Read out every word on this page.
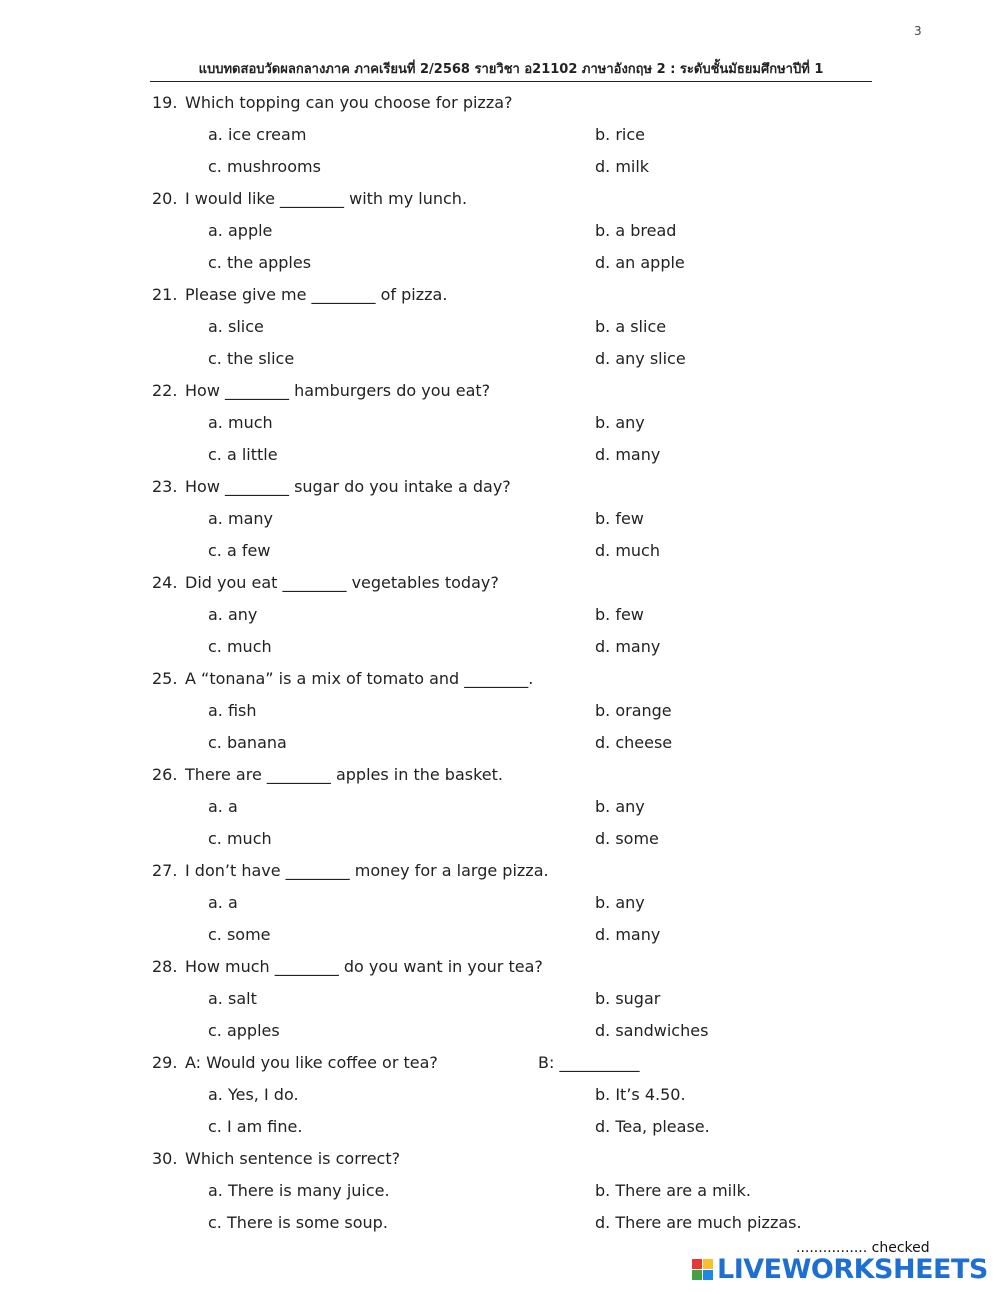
3
แบบทดสอบวัดผลกลางภาค ภาคเรียนที่ 2/2568 รายวิชา อ21102 ภาษาอังกฤษ 2 : ระดับชั้นมัธยมศึกษาปีที่ 1
19. Which topping can you choose for pizza?
a. ice cream	b. rice
c. mushrooms	d. milk
20. I would like ________ with my lunch.
a. apple	b. a bread
c. the apples	d. an apple
21. Please give me ________ of pizza.
a. slice	b. a slice
c. the slice	d. any slice
22. How ________ hamburgers do you eat?
a. much	b. any
c. a little	d. many
23. How ________ sugar do you intake a day?
a. many	b. few
c. a few	d. much
24. Did you eat ________ vegetables today?
a. any	b. few
c. much	d. many
25. A “tonana” is a mix of tomato and ________.
a. fish	b. orange
c. banana	d. cheese
26. There are ________ apples in the basket.
a. a	b. any
c. much	d. some
27. I don’t have ________ money for a large pizza.
a. a	b. any
c. some	d. many
28. How much ________ do you want in your tea?
a. salt	b. sugar
c. apples	d. sandwiches
29. A: Would you like coffee or tea?	B: __________
a. Yes, I do.	b. It’s 4.50.
c. I am fine.	d. Tea, please.
30. Which sentence is correct?
a. There is many juice.	b. There are a milk.
c. There is some soup.	d. There are much pizzas.
................ checked
LIVEWORKSHEETS
